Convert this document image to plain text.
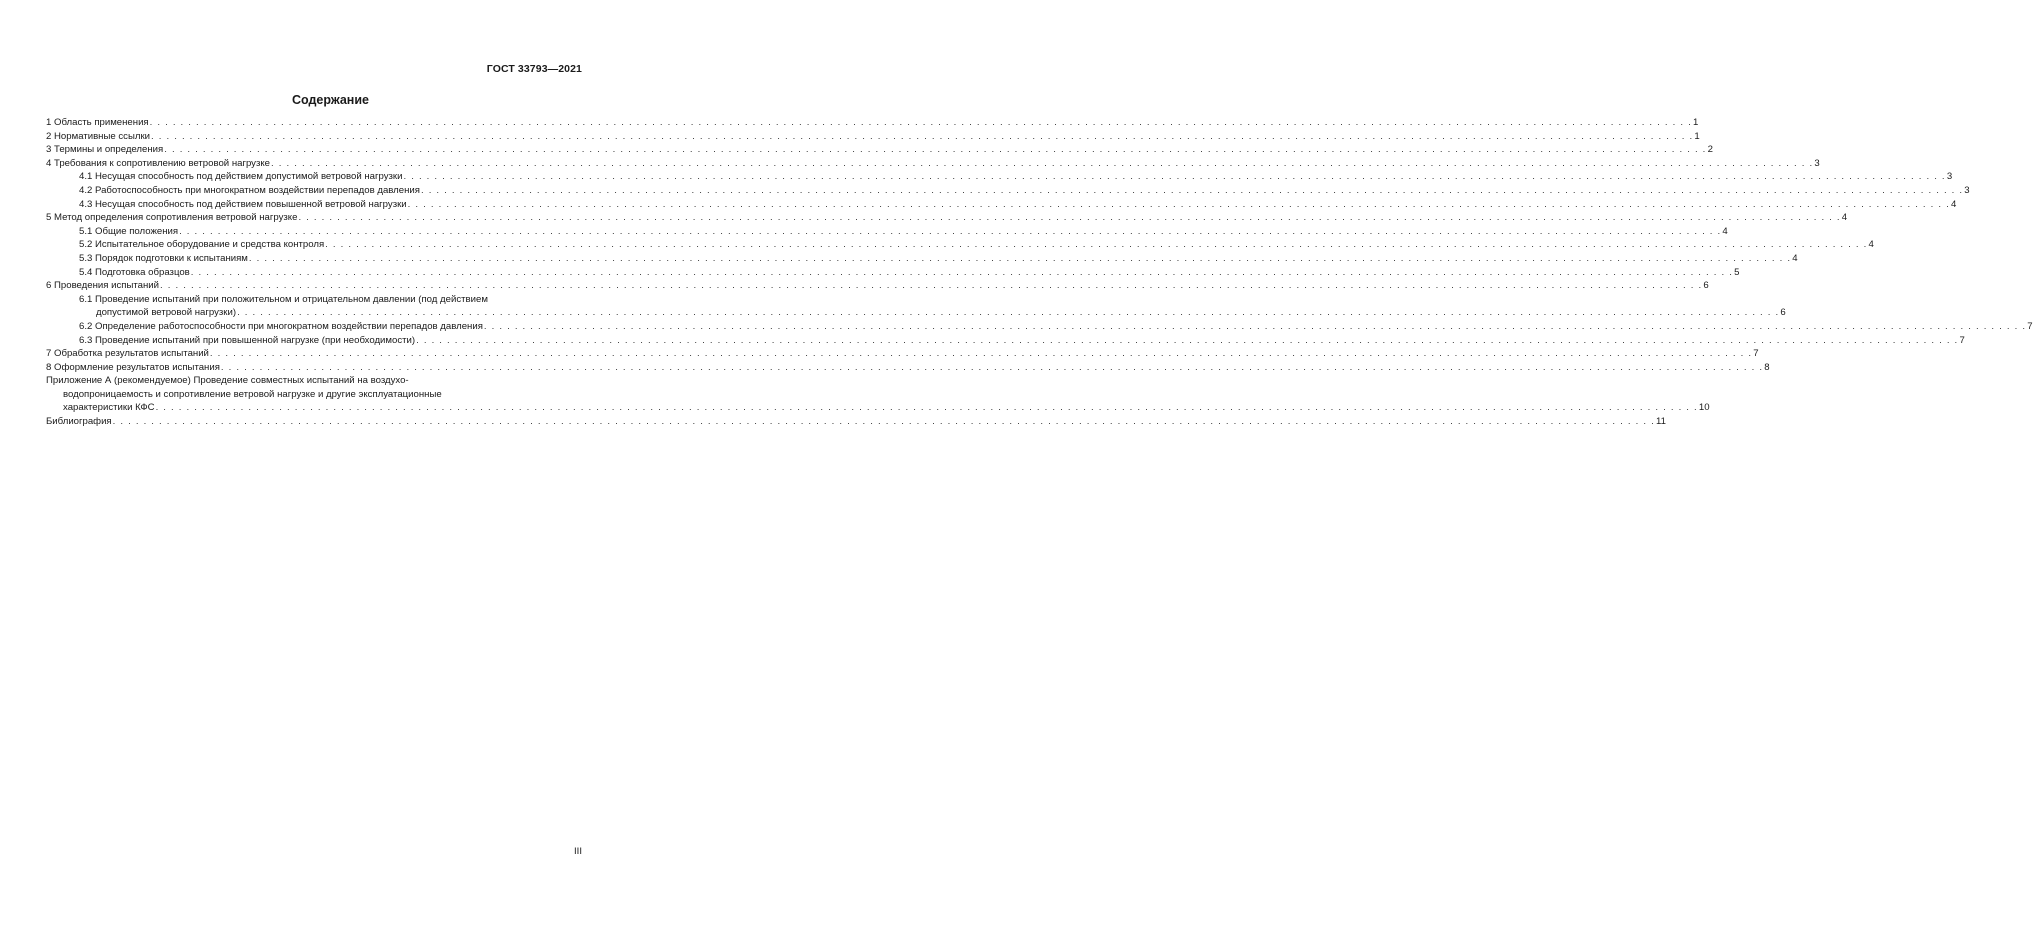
ГОСТ 33793—2021
Содержание
1 Область применения . . . . . . . . . . . . . . . . . . . . . . . . . . . . . . . . . . . . . . . . . . . . . . . . . . . . . . . . . . . . . . . . . . . . . . . . . . . . . . . . . . . . . . . . . . . . . . . . . . . . . . . . . . . . . . . . . . . . . . . . . . . . . . . . . . . . . . . . . . . . . . . . . . . . . . . . . . . . . . . . . . . . . . . . . . . . . . . . . . . . . . . . . . . . . . . . . . . . . . . . 1
2 Нормативные ссылки . . . . . . . . . . . . . . . . . . . . . . . . . . . . . . . . . . . . . . . . . . . . . . . . . . . . . . . . . . . . . . . . . . . . . . . . . . . . . . . . . . . . . . . . . . . . . . . . . . . . . . . . . . . . . . . . . . . . . . . . . . . . . . . . . . . . . . . . . . . . . . . . . . . . . . . . . . . . . . . . . . . . . . . . . . . . . . . . . . . . . . . . . . . . . . . . . . . . . . . . 1
3 Термины и определения . . . . . . . . . . . . . . . . . . . . . . . . . . . . . . . . . . . . . . . . . . . . . . . . . . . . . . . . . . . . . . . . . . . . . . . . . . . . . . . . . . . . . . . . . . . . . . . . . . . . . . . . . . . . . . . . . . . . . . . . . . . . . . . . . . . . . . . . . . . . . . . . . . . . . . . . . . . . . . . . . . . . . . . . . . . . . . . . . . . . . . . . . . . . . . . . . . . . . . . . 2
4 Требования к сопротивлению ветровой нагрузке . . . . . . . . . . . . . . . . . . . . . . . . . . . . . . . . . . . . . . . . . . . . . . . . . . . . . . . . . . . . . . . . . . . . . . . . . . . . . . . . . . . . . . . . . . . . . . . . . . . . . . . . . . . . . . . . . . . . . . . . . . . . . . . . . . . . . . . . . . . . . . . . . . . . . . . . . . . . . . . . . . . . . . . . . . . . . . . . . . . . . . . . . . . . . . . . . . . . . . . . 3
4.1 Несущая способность под действием допустимой ветровой нагрузки . . . . . . . . . . . . . . . . . . . . . . . . . . . . . . . . . . . . . . . . . . . . . . . . . . . . . . . . . . . . . . . . . . . . . . . . . . . . . . . . . . . . . . . . . . . . . . . . . . . . . . . . . . . . . . . . . . . . . . . . . . . . . . . . . . . . . . . . . . . . . . . . . . . . . . . . . . . . . . . . . . . . . . . . . . . . . . . . . . . . . . . . . . . . . . . . . . . . . . . . 3
4.2 Работоспособность при многократном воздействии перепадов давления . . . . . . . . . . . . . . . . . . . . . . . . . . . . . . . . . . . . . . . . . . . . . . . . . . . . . . . . . . . . . . . . . . . . . . . . . . . . . . . . . . . . . . . . . . . . . . . . . . . . . . . . . . . . . . . . . . . . . . . . . . . . . . . . . . . . . . . . . . . . . . . . . . . . . . . . . . . . . . . . . . . . . . . . . . . . . . . . . . . . . . . . . . . . . . . . . . . . . . . . 3
4.3 Несущая способность под действием повышенной ветровой нагрузки . . . . . . . . . . . . . . . . . . . . . . . . . . . . . . . . . . . . . . . . . . . . . . . . . . . . . . . . . . . . . . . . . . . . . . . . . . . . . . . . . . . . . . . . . . . . . . . . . . . . . . . . . . . . . . . . . . . . . . . . . . . . . . . . . . . . . . . . . . . . . . . . . . . . . . . . . . . . . . . . . . . . . . . . . . . . . . . . . . . . . . . . . . . . . . . . . . . . . . . . 4
5 Метод определения сопротивления ветровой нагрузке . . . . . . . . . . . . . . . . . . . . . . . . . . . . . . . . . . . . . . . . . . . . . . . . . . . . . . . . . . . . . . . . . . . . . . . . . . . . . . . . . . . . . . . . . . . . . . . . . . . . . . . . . . . . . . . . . . . . . . . . . . . . . . . . . . . . . . . . . . . . . . . . . . . . . . . . . . . . . . . . . . . . . . . . . . . . . . . . . . . . . . . . . . . . . . . . . . . . . . . . 4
5.1 Общие положения . . . . . . . . . . . . . . . . . . . . . . . . . . . . . . . . . . . . . . . . . . . . . . . . . . . . . . . . . . . . . . . . . . . . . . . . . . . . . . . . . . . . . . . . . . . . . . . . . . . . . . . . . . . . . . . . . . . . . . . . . . . . . . . . . . . . . . . . . . . . . . . . . . . . . . . . . . . . . . . . . . . . . . . . . . . . . . . . . . . . . . . . . . . . . . . . . . . . . . . . 4
5.2 Испытательное оборудование и средства контроля . . . . . . . . . . . . . . . . . . . . . . . . . . . . . . . . . . . . . . . . . . . . . . . . . . . . . . . . . . . . . . . . . . . . . . . . . . . . . . . . . . . . . . . . . . . . . . . . . . . . . . . . . . . . . . . . . . . . . . . . . . . . . . . . . . . . . . . . . . . . . . . . . . . . . . . . . . . . . . . . . . . . . . . . . . . . . . . . . . . . . . . . . . . . . . . . . . . . . . . . 4
5.3 Порядок подготовки к испытаниям . . . . . . . . . . . . . . . . . . . . . . . . . . . . . . . . . . . . . . . . . . . . . . . . . . . . . . . . . . . . . . . . . . . . . . . . . . . . . . . . . . . . . . . . . . . . . . . . . . . . . . . . . . . . . . . . . . . . . . . . . . . . . . . . . . . . . . . . . . . . . . . . . . . . . . . . . . . . . . . . . . . . . . . . . . . . . . . . . . . . . . . . . . . . . . . . . . . . . . . . 4
5.4 Подготовка образцов . . . . . . . . . . . . . . . . . . . . . . . . . . . . . . . . . . . . . . . . . . . . . . . . . . . . . . . . . . . . . . . . . . . . . . . . . . . . . . . . . . . . . . . . . . . . . . . . . . . . . . . . . . . . . . . . . . . . . . . . . . . . . . . . . . . . . . . . . . . . . . . . . . . . . . . . . . . . . . . . . . . . . . . . . . . . . . . . . . . . . . . . . . . . . . . . . . . . . . . . 5
6 Проведения испытаний . . . . . . . . . . . . . . . . . . . . . . . . . . . . . . . . . . . . . . . . . . . . . . . . . . . . . . . . . . . . . . . . . . . . . . . . . . . . . . . . . . . . . . . . . . . . . . . . . . . . . . . . . . . . . . . . . . . . . . . . . . . . . . . . . . . . . . . . . . . . . . . . . . . . . . . . . . . . . . . . . . . . . . . . . . . . . . . . . . . . . . . . . . . . . . . . . . . . . . . . 6
6.1 Проведение испытаний при положительном и отрицательном давлении (под действием
допустимой ветровой нагрузки) . . . . . . . . . . . . . . . . . . . . . . . . . . . . . . . . . . . . . . . . . . . . . . . . . . . . . . . . . . . . . . . . . . . . . . . . . . . . . . . . . . . . . . . . . . . . . . . . . . . . . . . . . . . . . . . . . . . . . . . . . . . . . . . . . . . . . . . . . . . . . . . . . . . . . . . . . . . . . . . . . . . . . . . . . . . . . . . . . . . . . . . . . . . . . . . . . . . . . . . . 6
6.2 Определение работоспособности при многократном воздействии перепадов давления . . . . . . . . . . . . . . . . . . . . . . . . . . . . . . . . . . . . . . . . . . . . . . . . . . . . . . . . . . . . . . . . . . . . . . . . . . . . . . . . . . . . . . . . . . . . . . . . . . . . . . . . . . . . . . . . . . . . . . . . . . . . . . . . . . . . . . . . . . . . . . . . . . . . . . . . . . . . . . . . . . . . . . . . . . . . . . . . . . . . . . . . . . . . . . . . . . . . . . . . 7
6.3 Проведение испытаний при повышенной нагрузке (при необходимости) . . . . . . . . . . . . . . . . . . . . . . . . . . . . . . . . . . . . . . . . . . . . . . . . . . . . . . . . . . . . . . . . . . . . . . . . . . . . . . . . . . . . . . . . . . . . . . . . . . . . . . . . . . . . . . . . . . . . . . . . . . . . . . . . . . . . . . . . . . . . . . . . . . . . . . . . . . . . . . . . . . . . . . . . . . . . . . . . . . . . . . . . . . . . . . . . . . . . . . . . 7
7 Обработка результатов испытаний . . . . . . . . . . . . . . . . . . . . . . . . . . . . . . . . . . . . . . . . . . . . . . . . . . . . . . . . . . . . . . . . . . . . . . . . . . . . . . . . . . . . . . . . . . . . . . . . . . . . . . . . . . . . . . . . . . . . . . . . . . . . . . . . . . . . . . . . . . . . . . . . . . . . . . . . . . . . . . . . . . . . . . . . . . . . . . . . . . . . . . . . . . . . . . . . . . . . . . . . 7
8 Оформление результатов испытания . . . . . . . . . . . . . . . . . . . . . . . . . . . . . . . . . . . . . . . . . . . . . . . . . . . . . . . . . . . . . . . . . . . . . . . . . . . . . . . . . . . . . . . . . . . . . . . . . . . . . . . . . . . . . . . . . . . . . . . . . . . . . . . . . . . . . . . . . . . . . . . . . . . . . . . . . . . . . . . . . . . . . . . . . . . . . . . . . . . . . . . . . . . . . . . . . . . . . . . . 8
Приложение А (рекомендуемое) Проведение совместных испытаний на воздухо-
водопроницаемость и сопротивление ветровой нагрузке и другие эксплуатационные
характеристики КФС . . . . . . . . . . . . . . . . . . . . . . . . . . . . . . . . . . . . . . . . . . . . . . . . . . . . . . . . . . . . . . . . . . . . . . . . . . . . . . . . . . . . . . . . . . . . . . . . . . . . . . . . . . . . . . . . . . . . . . . . . . . . . . . . . . . . . . . . . . . . . . . . . . . . . . . . . . . . . . . . . . . . . . . . . . . . . . . . . . . . . . . . . . . . . . . . . . . . . . . . 10
Библиография . . . . . . . . . . . . . . . . . . . . . . . . . . . . . . . . . . . . . . . . . . . . . . . . . . . . . . . . . . . . . . . . . . . . . . . . . . . . . . . . . . . . . . . . . . . . . . . . . . . . . . . . . . . . . . . . . . . . . . . . . . . . . . . . . . . . . . . . . . . . . . . . . . . . . . . . . . . . . . . . . . . . . . . . . . . . . . . . . . . . . . . . . . . . . . . . . . . . . . . . 11
III
